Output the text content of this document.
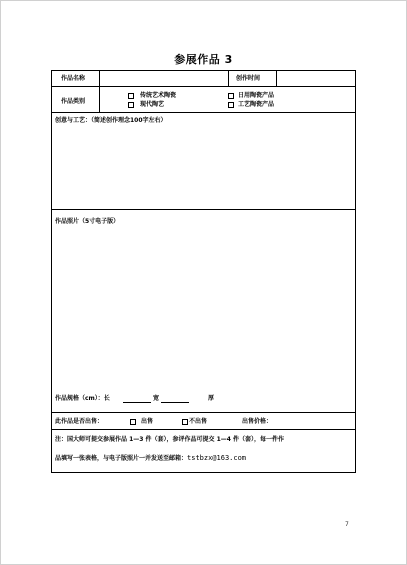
参展作品 3
作品名称	创作时间
作品类别
传统艺术陶瓷	日用陶瓷产品
现代陶艺	工艺陶瓷产品
创意与工艺：（简述创作理念100字左右）
作品照片（5寸电子版）
作品规格（cm）：长	宽	厚
此作品是否出售：	出售	不出售	出售价格：
注：国大师可提交参展作品 1—3 件（套），参评作品可提交 1—4 件（套），每一件作
品填写一张表格，与电子版照片一并发送至邮箱：tstbzx@163.com
7
